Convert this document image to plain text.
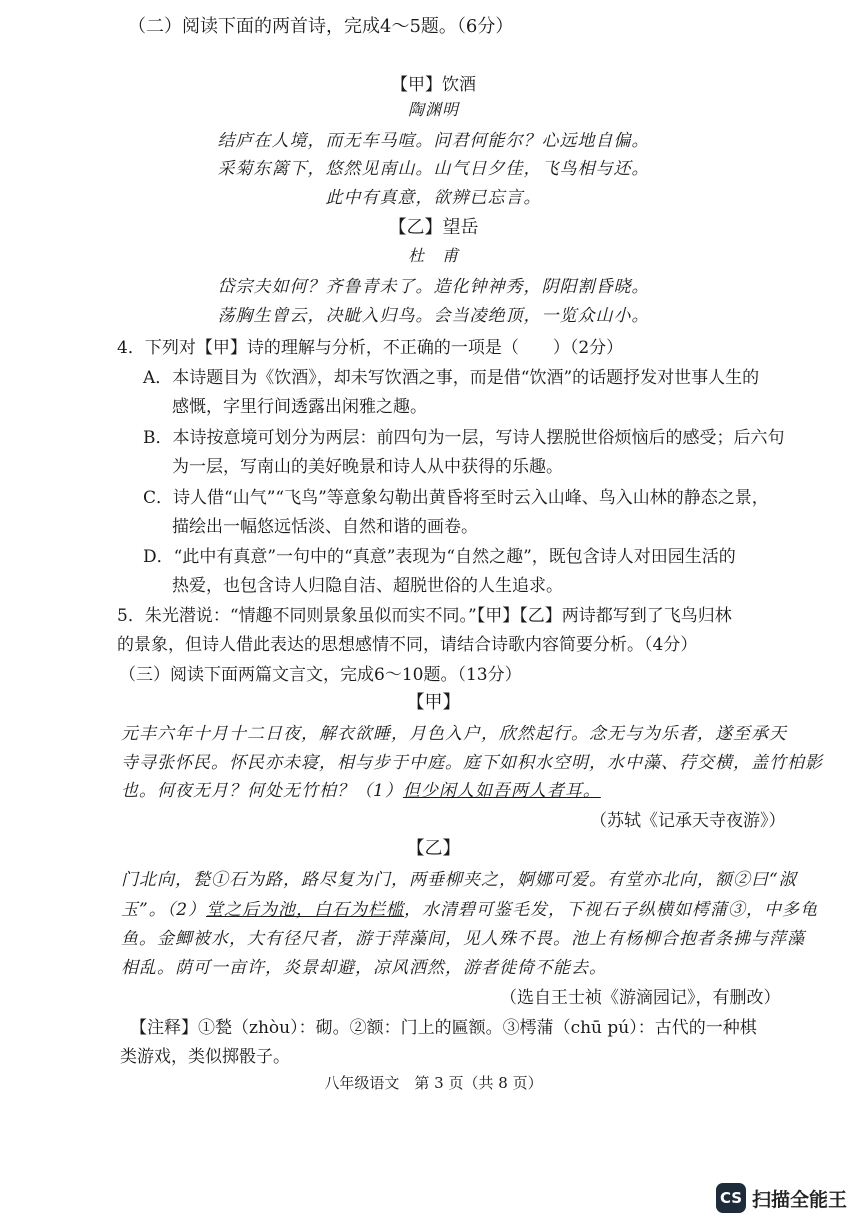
（二）阅读下面的两首诗，完成4～5题。（6分）
【甲】饮酒
陶渊明
结庐在人境，而无车马喧。问君何能尔？心远地自偏。
采菊东篱下，悠然见南山。山气日夕佳，飞鸟相与还。
此中有真意，欲辨已忘言。
【乙】望岳
杜　甫
岱宗夫如何？齐鲁青未了。造化钟神秀，阴阳割昏晓。
荡胸生曾云，决眦入归鸟。会当凌绝顶，一览众山小。
4．下列对【甲】诗的理解与分析，不正确的一项是（　　）（2分）
A．本诗题目为《饮酒》，却未写饮酒之事，而是借“饮酒”的话题抒发对世事人生的
感慨，字里行间透露出闲雅之趣。
B．本诗按意境可划分为两层：前四句为一层，写诗人摆脱世俗烦恼后的感受；后六句
为一层，写南山的美好晚景和诗人从中获得的乐趣。
C．诗人借“山气”“飞鸟”等意象勾勒出黄昏将至时云入山峰、鸟入山林的静态之景，
描绘出一幅悠远恬淡、自然和谐的画卷。
D．“此中有真意”一句中的“真意”表现为“自然之趣”，既包含诗人对田园生活的
热爱，也包含诗人归隐自洁、超脱世俗的人生追求。
5．朱光潜说：“情趣不同则景象虽似而实不同。”【甲】【乙】两诗都写到了飞鸟归林
的景象，但诗人借此表达的思想感情不同，请结合诗歌内容简要分析。（4分）
（三）阅读下面两篇文言文，完成6～10题。（13分）
【甲】
元丰六年十月十二日夜，解衣欲睡，月色入户，欣然起行。念无与为乐者，遂至承天
寺寻张怀民。怀民亦未寝，相与步于中庭。庭下如积水空明，水中藻、荇交横，盖竹柏影
也。何夜无月？何处无竹柏？（1）但少闲人如吾两人者耳。
（苏轼《记承天寺夜游》）
【乙】
门北向，甃①石为路，路尽复为门，两垂柳夹之，婀娜可爱。有堂亦北向，额②曰“淑
玉”。（2）堂之后为池，白石为栏槛，水清碧可鉴毛发，下视石子纵横如樗蒲③，中多龟
鱼。金鲫被水，大有径尺者，游于萍藻间，见人殊不畏。池上有杨柳合抱者条拂与萍藻
相乱。荫可一亩许，炎景却避，凉风洒然，游者徙倚不能去。
（选自王士祯《游滴园记》，有删改）
【注释】①甃（zhòu）：砌。②额：门上的匾额。③樗蒲（chū pú）：古代的一种棋
类游戏，类似掷骰子。
八年级语文　第 3 页（共 8 页）
CS 扫描全能王
